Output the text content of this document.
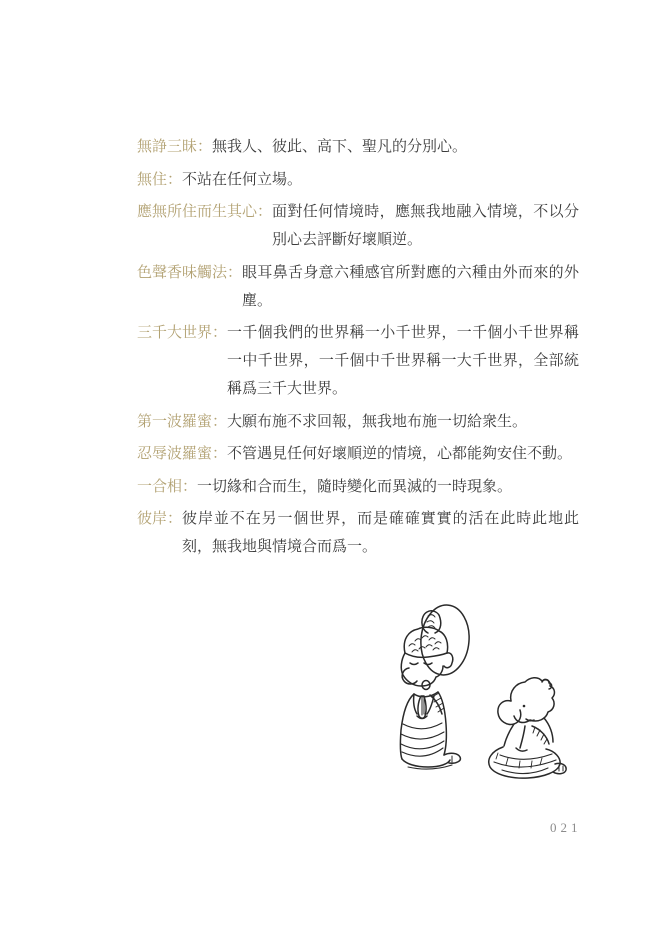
無諍三昧： 無我人、彼此、高下、聖凡的分別心。
無住： 不站在任何立場。
應無所住而生其心： 面對任何情境時，應無我地融入情境，不以分別心去評斷好壞順逆。
色聲香味觸法： 眼耳鼻舌身意六種感官所對應的六種由外而來的外塵。
三千大世界： 一千個我們的世界稱一小千世界，一千個小千世界稱一中千世界，一千個中千世界稱一大千世界，全部統稱爲三千大世界。
第一波羅蜜： 大願布施不求回報，無我地布施一切給衆生。
忍辱波羅蜜： 不管遇見任何好壞順逆的情境，心都能夠安住不動。
一合相： 一切緣和合而生，隨時變化而異滅的一時現象。
彼岸： 彼岸並不在另一個世界，而是確確實實的活在此時此地此刻，無我地與情境合而爲一。
021
